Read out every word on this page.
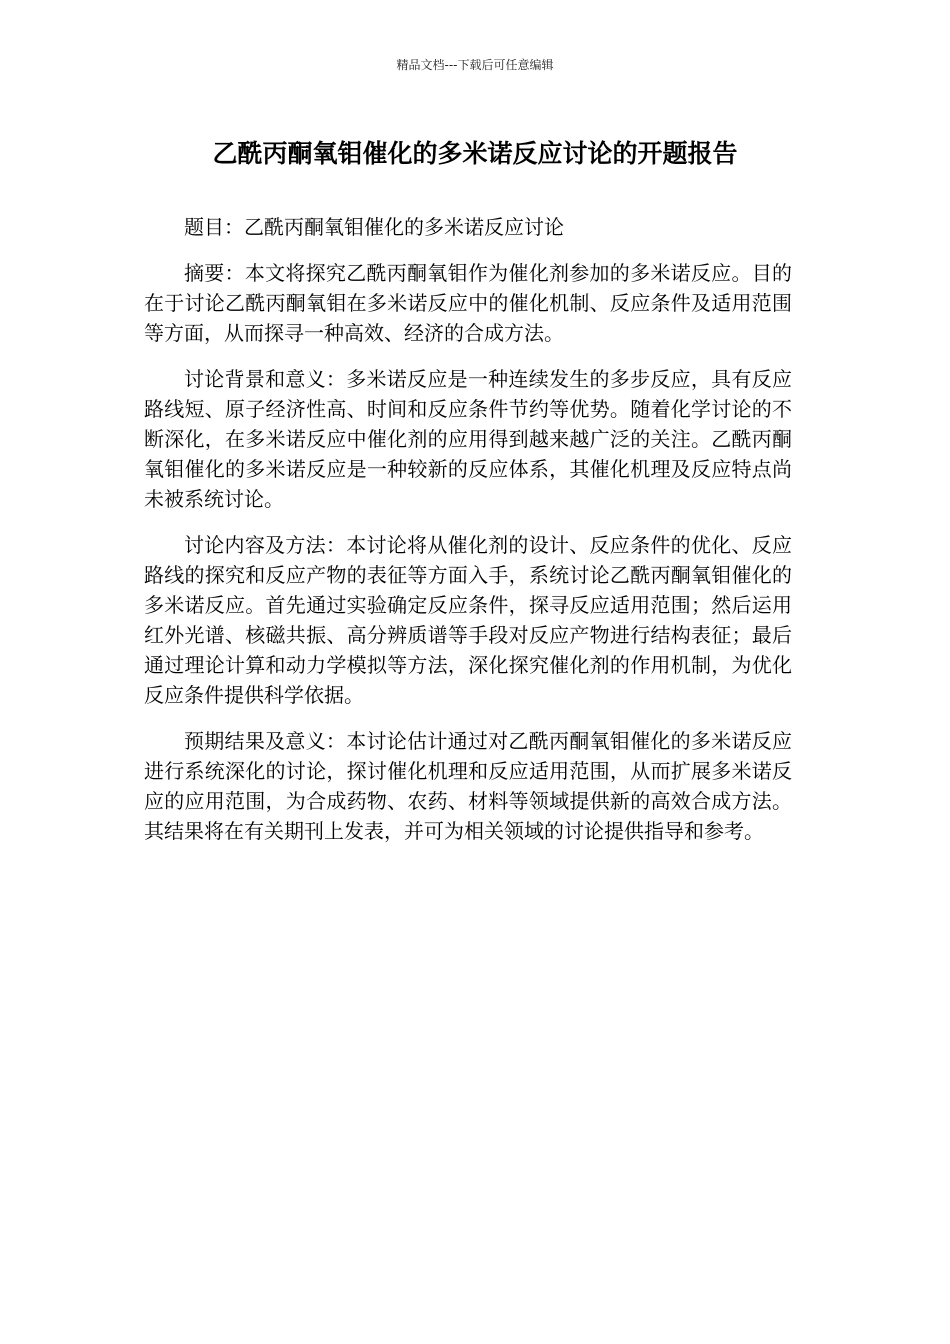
精品文档---下载后可任意编辑
乙酰丙酮氧钼催化的多米诺反应讨论的开题报告

题目：乙酰丙酮氧钼催化的多米诺反应讨论

摘要：本文将探究乙酰丙酮氧钼作为催化剂参加的多米诺反应。目的在于讨论乙酰丙酮氧钼在多米诺反应中的催化机制、反应条件及适用范围等方面，从而探寻一种高效、经济的合成方法。

讨论背景和意义：多米诺反应是一种连续发生的多步反应，具有反应路线短、原子经济性高、时间和反应条件节约等优势。随着化学讨论的不断深化，在多米诺反应中催化剂的应用得到越来越广泛的关注。乙酰丙酮氧钼催化的多米诺反应是一种较新的反应体系，其催化机理及反应特点尚未被系统讨论。

讨论内容及方法：本讨论将从催化剂的设计、反应条件的优化、反应路线的探究和反应产物的表征等方面入手，系统讨论乙酰丙酮氧钼催化的多米诺反应。首先通过实验确定反应条件，探寻反应适用范围；然后运用红外光谱、核磁共振、高分辨质谱等手段对反应产物进行结构表征；最后通过理论计算和动力学模拟等方法，深化探究催化剂的作用机制，为优化反应条件提供科学依据。

预期结果及意义：本讨论估计通过对乙酰丙酮氧钼催化的多米诺反应进行系统深化的讨论，探讨催化机理和反应适用范围，从而扩展多米诺反应的应用范围，为合成药物、农药、材料等领域提供新的高效合成方法。其结果将在有关期刊上发表，并可为相关领域的讨论提供指导和参考。
